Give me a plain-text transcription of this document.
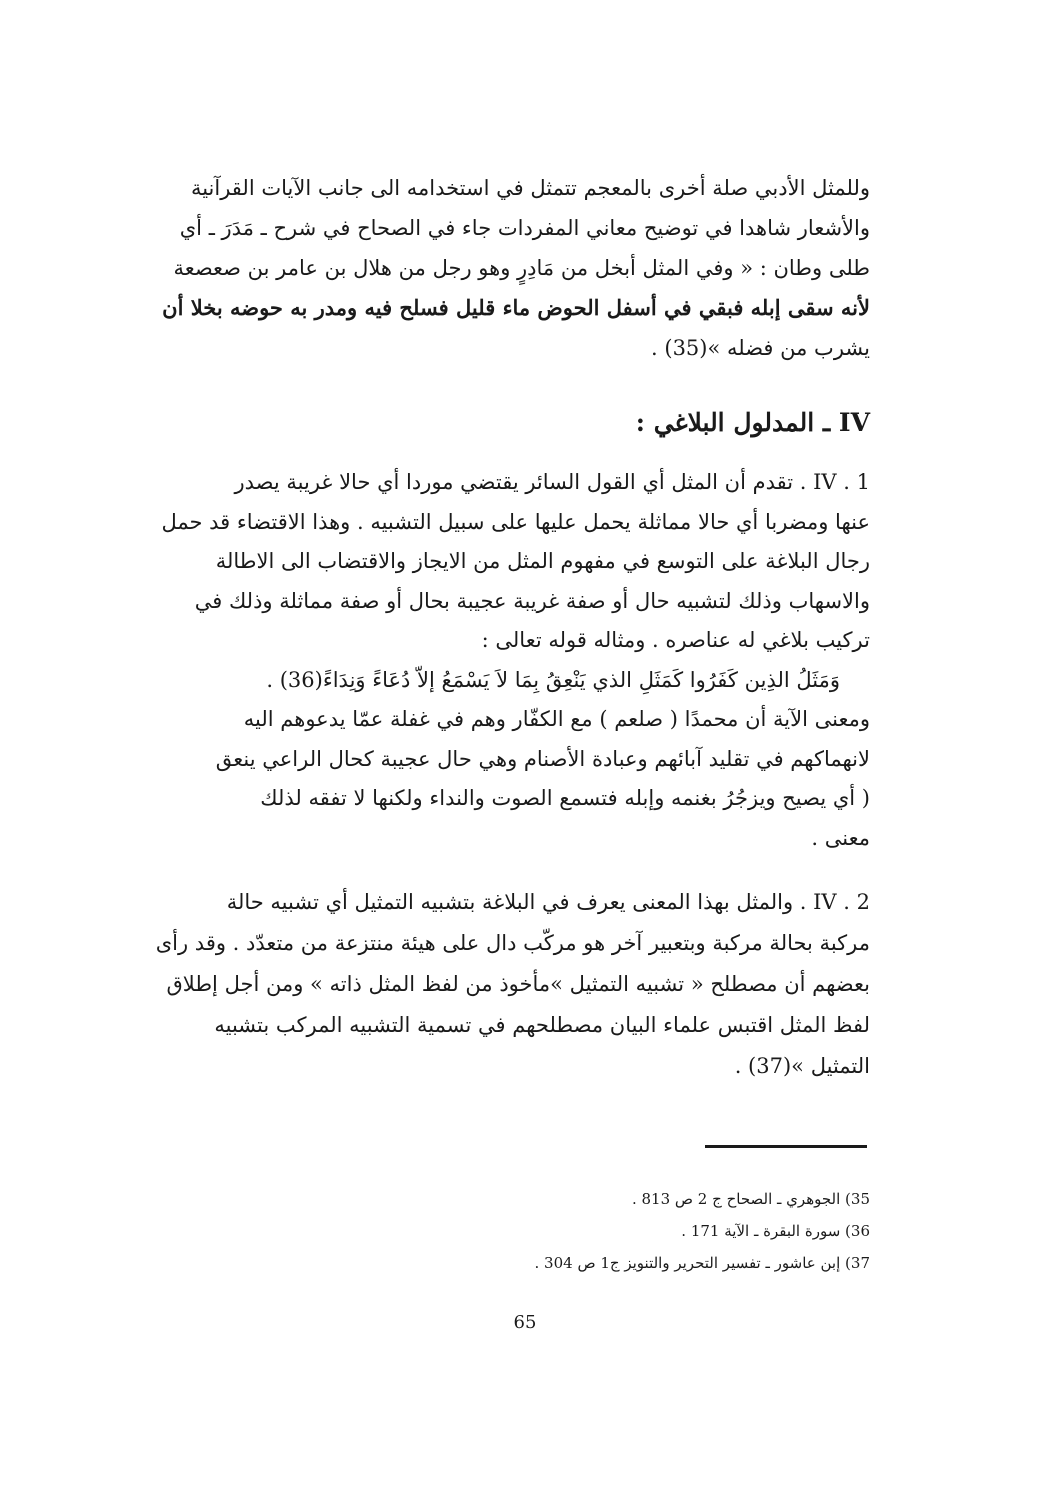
وللمثل الأدبي صلة أخرى بالمعجم تتمثل في استخدامه الى جانب الآيات القرآنية
والأشعار شاهدا في توضيح معاني المفردات جاء في الصحاح في شرح ـ مَدَرَ ـ أي
طلى وطان : « وفي المثل أبخل من مَادِرٍ وهو رجل من هلال بن عامر بن صعصعة
لأنه سقى إبله فبقي في أسفل الحوض ماء قليل فسلح فيه ومدر به حوضه بخلا أن
يشرب من فضله »(35) .
IV ـ المدلول البلاغي :
IV . 1 . تقدم أن المثل أي القول السائر يقتضي موردا أي حالا غريبة يصدر
عنها ومضربا أي حالا مماثلة يحمل عليها على سبيل التشبيه . وهذا الاقتضاء قد حمل
رجال البلاغة على التوسع في مفهوم المثل من الايجاز والاقتضاب الى الاطالة
والاسهاب وذلك لتشبيه حال أو صفة غريبة عجيبة بحال أو صفة مماثلة وذلك في
تركيب بلاغي له عناصره . ومثاله قوله تعالى :
وَمَثَلُ الذِين كَفَرُوا كَمَثَلِ الذي يَنْعِقُ بِمَا لاَ يَسْمَعُ إلاّ دُعَاءً وَنِدَاءً(36) .
ومعنى الآية أن محمدًا ( صلعم ) مع الكفّار وهم في غفلة عمّا يدعوهم اليه
لانهماكهم في تقليد آبائهم وعبادة الأصنام وهي حال عجيبة كحال الراعي ينعق
( أي يصيح ويزجُرُ بغنمه وإبله فتسمع الصوت والنداء ولكنها لا تفقه لذلك
معنى .
IV . 2 . والمثل بهذا المعنى يعرف في البلاغة بتشبيه التمثيل أي تشبيه حالة
مركبة بحالة مركبة وبتعبير آخر هو مركّب دال على هيئة منتزعة من متعدّد . وقد رأى
بعضهم أن مصطلح « تشبيه التمثيل »مأخوذ من لفظ المثل ذاته » ومن أجل إطلاق
لفظ المثل اقتبس علماء البيان مصطلحهم في تسمية التشبيه المركب بتشبيه
التمثيل »(37) .
35) الجوهري ـ الصحاح ج 2 ص 813 .
36) سورة البقرة ـ الآية 171 .
37) إبن عاشور ـ تفسير التحرير والتنويز ج1 ص 304 .
65
